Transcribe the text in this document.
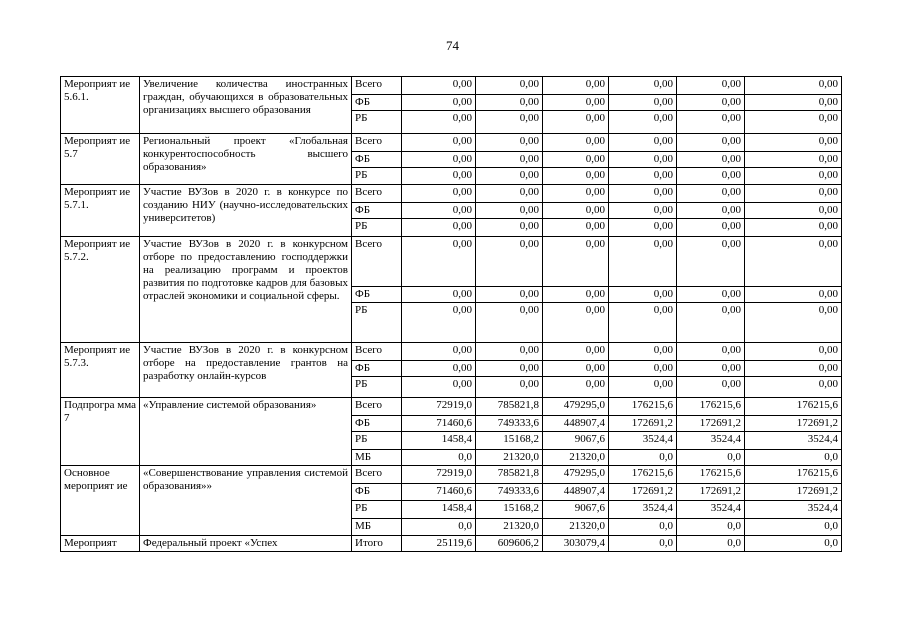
74
Мероприят ие 5.6.1.	Увеличение количества иностранных граждан, обучающихся в образовательных организациях высшего образования	Всего	0,00	0,00	0,00	0,00	0,00	0,00
		ФБ	0,00	0,00	0,00	0,00	0,00	0,00
		РБ	0,00	0,00	0,00	0,00	0,00	0,00
Мероприят ие 5.7	Региональный проект «Глобальная конкурентоспособность высшего образования»	Всего	0,00	0,00	0,00	0,00	0,00	0,00
		ФБ	0,00	0,00	0,00	0,00	0,00	0,00
		РБ	0,00	0,00	0,00	0,00	0,00	0,00
Мероприят ие 5.7.1.	Участие ВУЗов в 2020 г. в конкурсе по созданию НИУ (научно-исследовательских университетов)	Всего	0,00	0,00	0,00	0,00	0,00	0,00
		ФБ	0,00	0,00	0,00	0,00	0,00	0,00
		РБ	0,00	0,00	0,00	0,00	0,00	0,00
Мероприят ие 5.7.2.	Участие ВУЗов в 2020 г. в конкурсном отборе по предоставлению господдержки на реализацию программ и проектов развития по подготовке кадров для базовых отраслей экономики и социальной сферы.	Всего	0,00	0,00	0,00	0,00	0,00	0,00
		ФБ	0,00	0,00	0,00	0,00	0,00	0,00
		РБ	0,00	0,00	0,00	0,00	0,00	0,00
Мероприят ие 5.7.3.	Участие ВУЗов в 2020 г. в конкурсном отборе на предоставление грантов на разработку онлайн-курсов	Всего	0,00	0,00	0,00	0,00	0,00	0,00
		ФБ	0,00	0,00	0,00	0,00	0,00	0,00
		РБ	0,00	0,00	0,00	0,00	0,00	0,00
Подпрогра мма 7	«Управление системой образования»	Всего	72919,0	785821,8	479295,0	176215,6	176215,6	176215,6
		ФБ	71460,6	749333,6	448907,4	172691,2	172691,2	172691,2
		РБ	1458,4	15168,2	9067,6	3524,4	3524,4	3524,4
		МБ	0,0	21320,0	21320,0	0,0	0,0	0,0
Основное мероприят ие	«Совершенствование управления системой образования»»	Всего	72919,0	785821,8	479295,0	176215,6	176215,6	176215,6
		ФБ	71460,6	749333,6	448907,4	172691,2	172691,2	172691,2
		РБ	1458,4	15168,2	9067,6	3524,4	3524,4	3524,4
		МБ	0,0	21320,0	21320,0	0,0	0,0	0,0
Мероприят	Федеральный проект «Успех	Итого	25119,6	609606,2	303079,4	0,0	0,0	0,0
